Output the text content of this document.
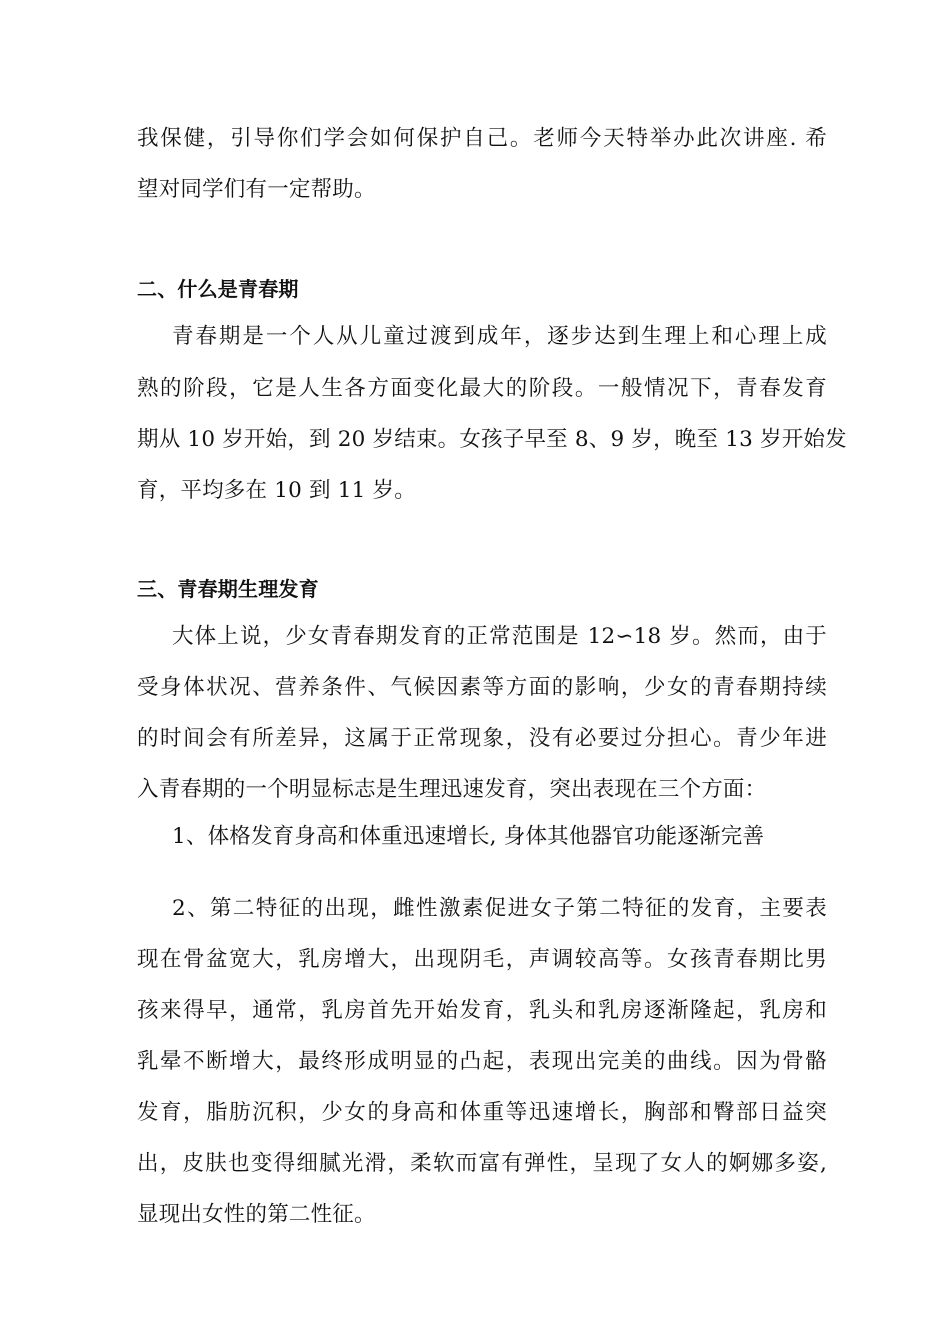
我保健，引导你们学会如何保护自己。老师今天特举办此次讲座. 希
望对同学们有一定帮助。
二、什么是青春期
青春期是一个人从儿童过渡到成年，逐步达到生理上和心理上成
熟的阶段，它是人生各方面变化最大的阶段。一般情况下，青春发育
期从 10 岁开始，到 20 岁结束。女孩子早至 8、9 岁，晚至 13 岁开始发
育，平均多在 10 到 11 岁。
三、青春期生理发育
大体上说，少女青春期发育的正常范围是 12∽18 岁。然而，由于
受身体状况、营养条件、气候因素等方面的影响，少女的青春期持续
的时间会有所差异，这属于正常现象，没有必要过分担心。青少年进
入青春期的一个明显标志是生理迅速发育，突出表现在三个方面：
1、体格发育身高和体重迅速增长, 身体其他器官功能逐渐完善
2、第二特征的出现，雌性激素促进女子第二特征的发育，主要表
现在骨盆宽大，乳房增大，出现阴毛，声调较高等。女孩青春期比男
孩来得早，通常，乳房首先开始发育，乳头和乳房逐渐隆起，乳房和
乳晕不断增大，最终形成明显的凸起，表现出完美的曲线。因为骨骼
发育，脂肪沉积，少女的身高和体重等迅速增长，胸部和臀部日益突
出，皮肤也变得细腻光滑，柔软而富有弹性，呈现了女人的婀娜多姿,
显现出女性的第二性征。
